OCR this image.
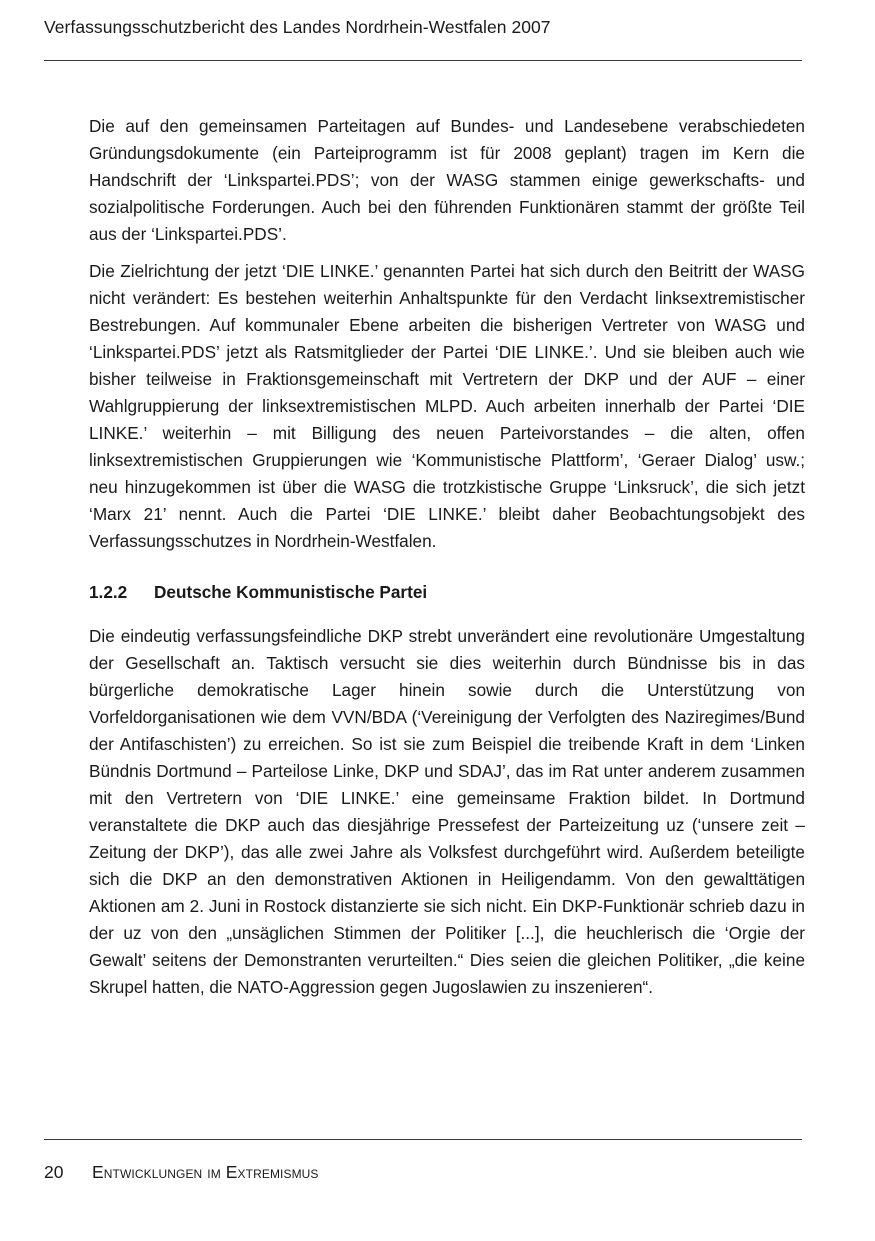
Verfassungsschutzbericht des Landes Nordrhein-Westfalen 2007

Die auf den gemeinsamen Parteitagen auf Bundes- und Landesebene verabschiedeten Gründungsdokumente (ein Parteiprogramm ist für 2008 geplant) tragen im Kern die Handschrift der ‘Linkspartei.PDS’; von der WASG stammen einige gewerkschafts- und sozialpolitische Forderungen. Auch bei den führenden Funktionären stammt der größte Teil aus der ‘Linkspartei.PDS’.

Die Zielrichtung der jetzt ‘DIE LINKE.’ genannten Partei hat sich durch den Beitritt der WASG nicht verändert: Es bestehen weiterhin Anhaltspunkte für den Verdacht linksextremistischer Bestrebungen. Auf kommunaler Ebene arbeiten die bisherigen Vertreter von WASG und ‘Linkspartei.PDS’ jetzt als Ratsmitglieder der Partei ‘DIE LINKE.’. Und sie bleiben auch wie bisher teilweise in Fraktionsgemeinschaft mit Vertretern der DKP und der AUF – einer Wahlgruppierung der linksextremistischen MLPD. Auch arbeiten innerhalb der Partei ‘DIE LINKE.’ weiterhin – mit Billigung des neuen Parteivorstandes – die alten, offen linksextremistischen Gruppierungen wie ‘Kommunistische Plattform’, ‘Geraer Dialog’ usw.; neu hinzugekommen ist über die WASG die trotzkistische Gruppe ‘Linksruck’, die sich jetzt ‘Marx 21’ nennt. Auch die Partei ‘DIE LINKE.’ bleibt daher Beobachtungsobjekt des Verfassungsschutzes in Nordrhein-Westfalen.

1.2.2	Deutsche Kommunistische Partei

Die eindeutig verfassungsfeindliche DKP strebt unverändert eine revolutionäre Umgestaltung der Gesellschaft an. Taktisch versucht sie dies weiterhin durch Bündnisse bis in das bürgerliche demokratische Lager hinein sowie durch die Unterstützung von Vorfeldorganisationen wie dem VVN/BDA (‘Vereinigung der Verfolgten des Naziregimes/Bund der Antifaschisten’) zu erreichen. So ist sie zum Beispiel die treibende Kraft in dem ‘Linken Bündnis Dortmund – Parteilose Linke, DKP und SDAJ’, das im Rat unter anderem zusammen mit den Vertretern von ‘DIE LINKE.’ eine gemeinsame Fraktion bildet. In Dortmund veranstaltete die DKP auch das diesjährige Pressefest der Parteizeitung uz (‘unsere zeit – Zeitung der DKP’), das alle zwei Jahre als Volksfest durchgeführt wird. Außerdem beteiligte sich die DKP an den demonstrativen Aktionen in Heiligendamm. Von den gewalttätigen Aktionen am 2. Juni in Rostock distanzierte sie sich nicht. Ein DKP-Funktionär schrieb dazu in der uz von den „unsäglichen Stimmen der Politiker [...], die heuchlerisch die ‘Orgie der Gewalt’ seitens der Demonstranten verurteilten.“ Dies seien die gleichen Politiker, „die keine Skrupel hatten, die NATO-Aggression gegen Jugoslawien zu inszenieren“.

20	Entwicklungen im Extremismus
